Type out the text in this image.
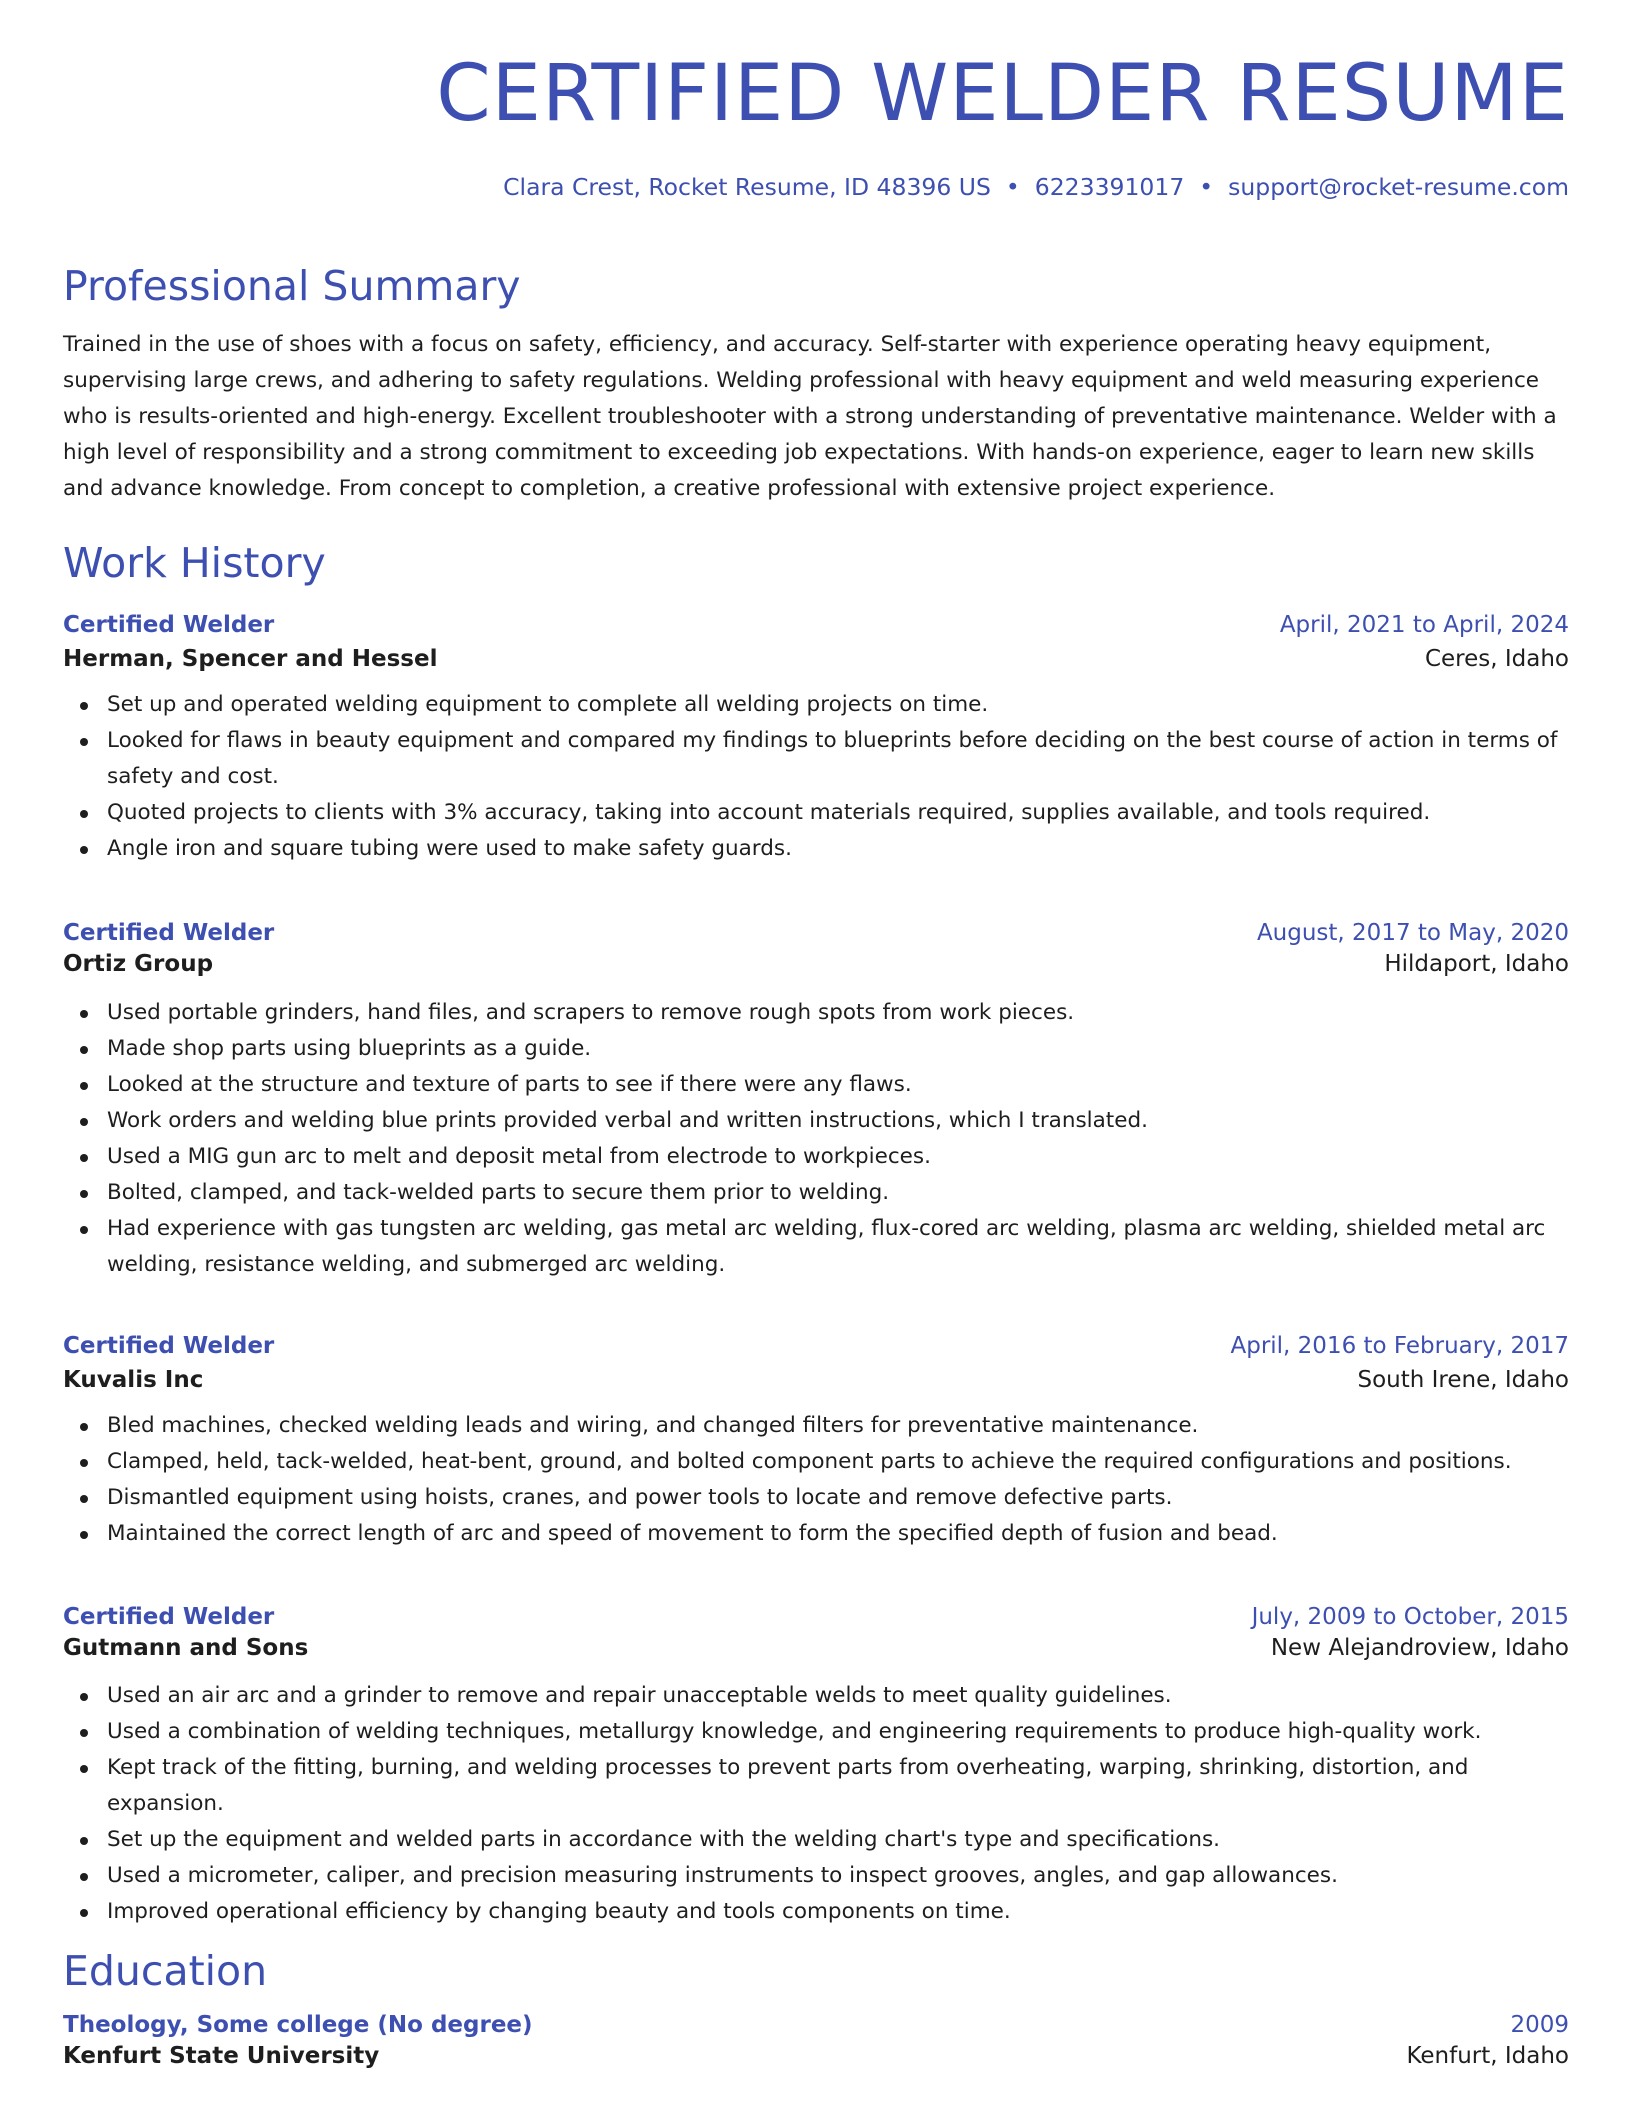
CERTIFIED WELDER RESUME
Clara Crest, Rocket Resume, ID 48396 US • 6223391017 • support@rocket-resume.com
Professional Summary

Trained in the use of shoes with a focus on safety, efficiency, and accuracy. Self-starter with experience operating heavy equipment, supervising large crews, and adhering to safety regulations. Welding professional with heavy equipment and weld measuring experience who is results-oriented and high-energy. Excellent troubleshooter with a strong understanding of preventative maintenance. Welder with a high level of responsibility and a strong commitment to exceeding job expectations. With hands-on experience, eager to learn new skills and advance knowledge. From concept to completion, a creative professional with extensive project experience.

Work History
Certified Welder	April, 2021 to April, 2024
Herman, Spencer and Hessel	Ceres, Idaho
Set up and operated welding equipment to complete all welding projects on time.
Looked for flaws in beauty equipment and compared my findings to blueprints before deciding on the best course of action in terms of safety and cost.
Quoted projects to clients with 3% accuracy, taking into account materials required, supplies available, and tools required.
Angle iron and square tubing were used to make safety guards.
Certified Welder	August, 2017 to May, 2020
Ortiz Group	Hildaport, Idaho
Used portable grinders, hand files, and scrapers to remove rough spots from work pieces.
Made shop parts using blueprints as a guide.
Looked at the structure and texture of parts to see if there were any flaws.
Work orders and welding blue prints provided verbal and written instructions, which I translated.
Used a MIG gun arc to melt and deposit metal from electrode to workpieces.
Bolted, clamped, and tack-welded parts to secure them prior to welding.
Had experience with gas tungsten arc welding, gas metal arc welding, flux-cored arc welding, plasma arc welding, shielded metal arc welding, resistance welding, and submerged arc welding.
Certified Welder	April, 2016 to February, 2017
Kuvalis Inc	South Irene, Idaho
Bled machines, checked welding leads and wiring, and changed filters for preventative maintenance.
Clamped, held, tack-welded, heat-bent, ground, and bolted component parts to achieve the required configurations and positions.
Dismantled equipment using hoists, cranes, and power tools to locate and remove defective parts.
Maintained the correct length of arc and speed of movement to form the specified depth of fusion and bead.
Certified Welder	July, 2009 to October, 2015
Gutmann and Sons	New Alejandroview, Idaho
Used an air arc and a grinder to remove and repair unacceptable welds to meet quality guidelines.
Used a combination of welding techniques, metallurgy knowledge, and engineering requirements to produce high-quality work.
Kept track of the fitting, burning, and welding processes to prevent parts from overheating, warping, shrinking, distortion, and expansion.
Set up the equipment and welded parts in accordance with the welding chart's type and specifications.
Used a micrometer, caliper, and precision measuring instruments to inspect grooves, angles, and gap allowances.
Improved operational efficiency by changing beauty and tools components on time.
Education
Theology, Some college (No degree)	2009
Kenfurt State University	Kenfurt, Idaho
